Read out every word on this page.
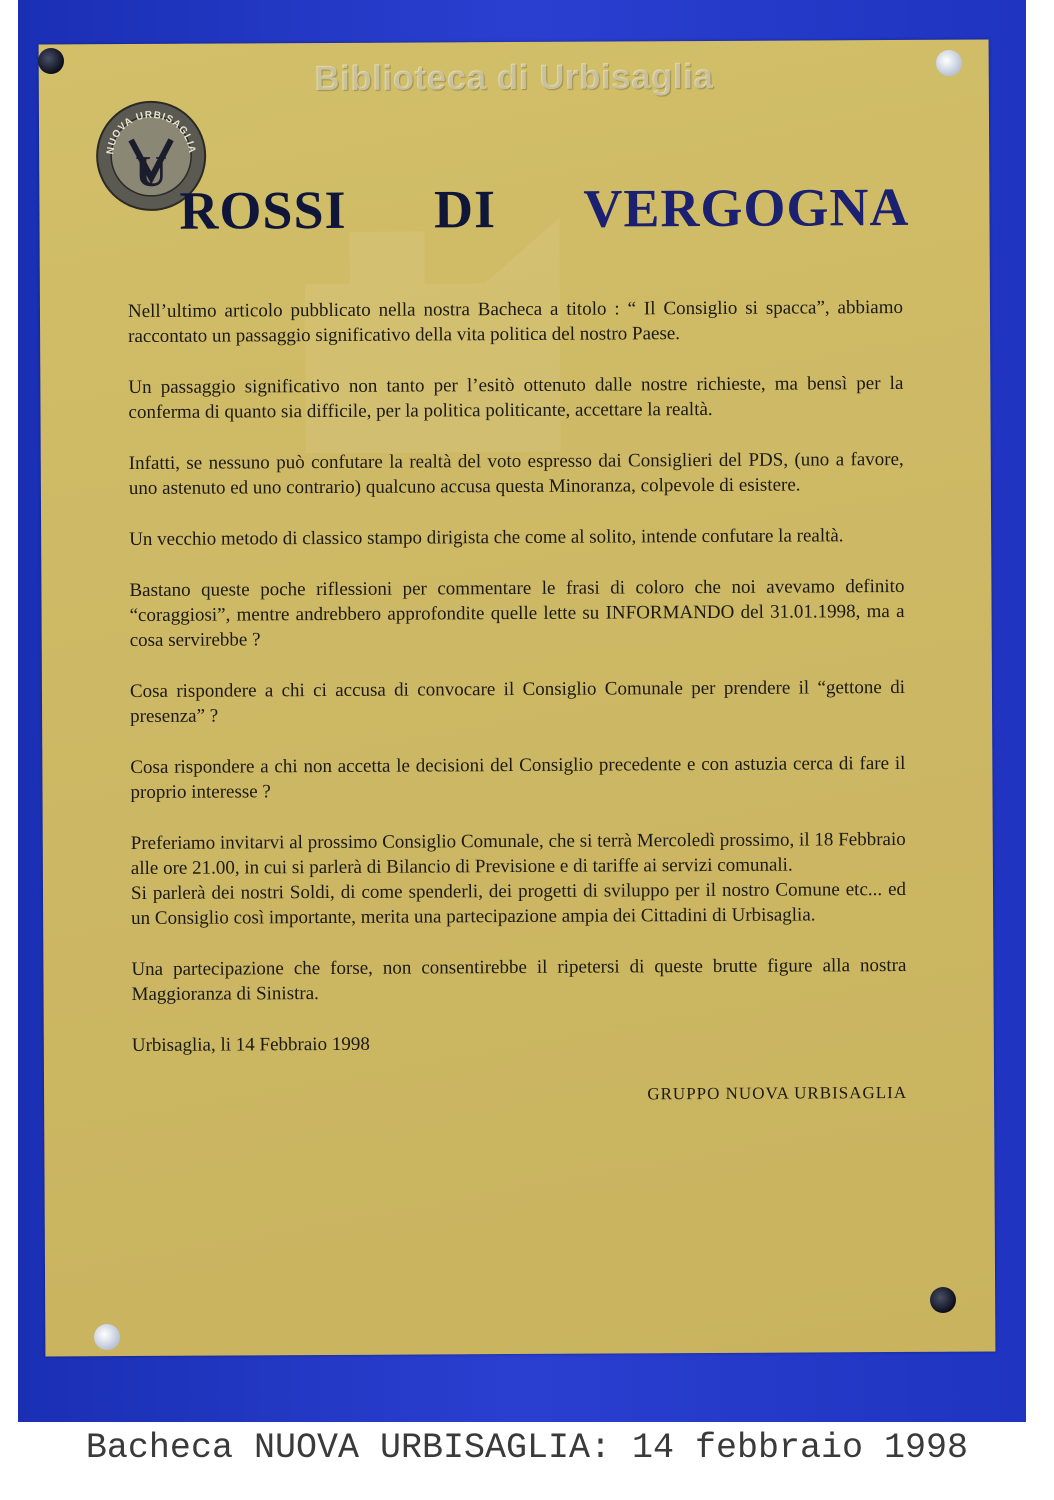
Biblioteca di Urbisaglia
NUOVA URBISAGLIA
U
ROSSI DI VERGOGNA

Nell’ultimo articolo pubblicato nella nostra Bacheca a titolo : “ Il Consiglio si spacca”, abbiamo raccontato un passaggio significativo della vita politica del nostro Paese.

Un passaggio significativo non tanto per l’esitò ottenuto dalle nostre richieste, ma bensì per la conferma di quanto sia difficile, per la politica politicante, accettare la realtà.

Infatti, se nessuno può confutare la realtà del voto espresso dai Consiglieri del PDS, (uno a favore, uno astenuto ed uno contrario) qualcuno accusa questa Minoranza, colpevole di esistere.

Un vecchio metodo di classico stampo dirigista che come al solito, intende confutare la realtà.

Bastano queste poche riflessioni per commentare le frasi di coloro che noi avevamo definito “coraggiosi”, mentre andrebbero approfondite quelle lette su INFORMANDO del 31.01.1998, ma a cosa servirebbe ?

Cosa rispondere a chi ci accusa di convocare il Consiglio Comunale per prendere il “gettone di presenza” ?

Cosa rispondere a chi non accetta le decisioni del Consiglio precedente e con astuzia cerca di fare il proprio interesse ?

Preferiamo invitarvi al prossimo Consiglio Comunale, che si terrà Mercoledì prossimo, il 18 Febbraio alle ore 21.00, in cui si parlerà di Bilancio di Previsione e di tariffe ai servizi comunali.

Si parlerà dei nostri Soldi, di come spenderli, dei progetti di sviluppo per il nostro Comune etc... ed un Consiglio così importante, merita una partecipazione ampia dei Cittadini di Urbisaglia.

Una partecipazione che forse, non consentirebbe il ripetersi di queste brutte figure alla nostra Maggioranza di Sinistra.

Urbisaglia, li 14 Febbraio 1998

GRUPPO NUOVA URBISAGLIA
Bacheca NUOVA URBISAGLIA: 14 febbraio 1998
